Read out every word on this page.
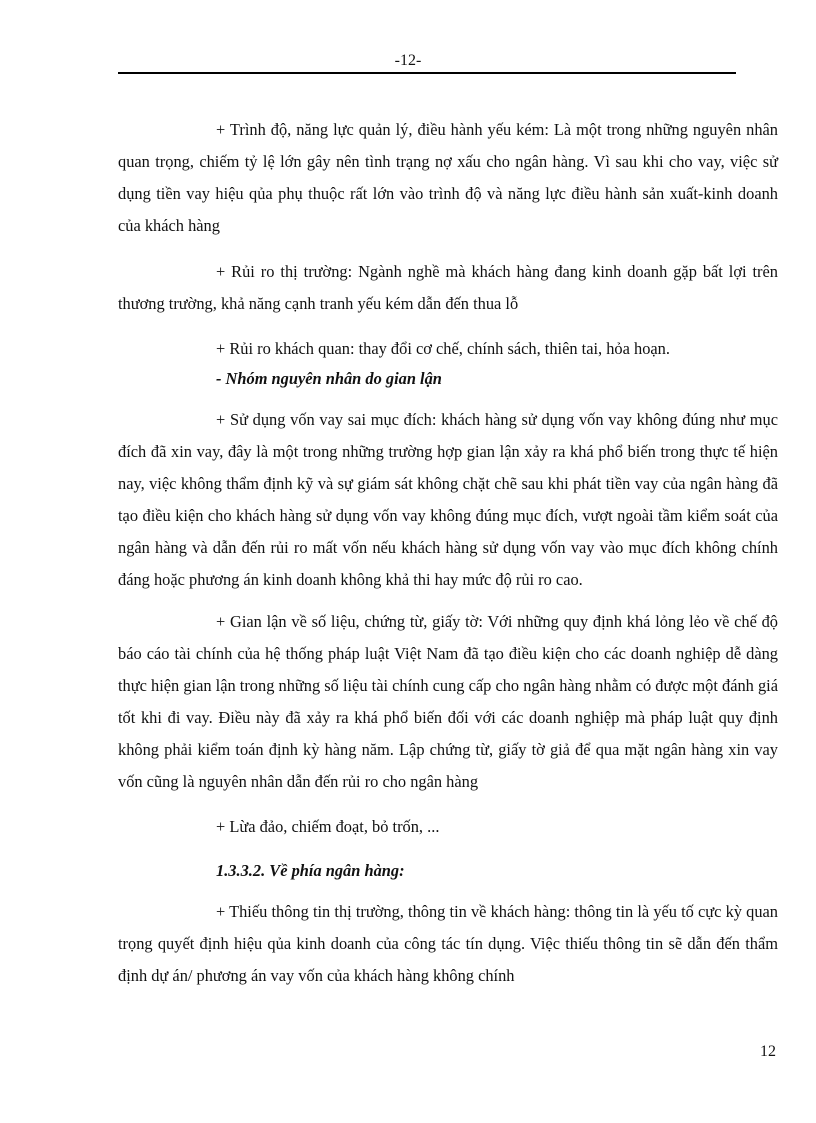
-12-

+ Trình độ, năng lực quản lý, điều hành yếu kém: Là một trong những nguyên nhân quan trọng, chiếm tỷ lệ lớn gây nên tình trạng nợ xấu cho ngân hàng. Vì sau khi cho vay, việc sử dụng tiền vay hiệu qủa phụ thuộc rất lớn vào trình độ và năng lực điều hành sản xuất-kinh doanh của khách hàng

+ Rủi ro thị trường: Ngành nghề mà khách hàng đang kinh doanh gặp bất lợi trên thương trường, khả năng cạnh tranh yếu kém dẫn đến thua lỗ

+ Rủi ro khách quan: thay đổi cơ chế, chính sách, thiên tai, hỏa hoạn.

- Nhóm nguyên nhân do gian lận

+ Sử dụng vốn vay sai mục đích: khách hàng sử dụng vốn vay không đúng như mục đích đã xin vay, đây là một trong những trường hợp gian lận xảy ra khá phổ biến trong thực tế hiện nay, việc không thẩm định kỹ và sự giám sát không chặt chẽ sau khi phát tiền vay của ngân hàng đã tạo điều kiện cho khách hàng sử dụng vốn vay không đúng mục đích, vượt ngoài tầm kiểm soát của ngân hàng và dẫn đến rủi ro mất vốn nếu khách hàng sử dụng vốn vay vào mục đích không chính đáng hoặc phương án kinh doanh không khả thi hay mức độ rủi ro cao.

+ Gian lận về số liệu, chứng từ, giấy tờ: Với những quy định khá lỏng lẻo về chế độ báo cáo tài chính của hệ thống pháp luật Việt Nam đã tạo điều kiện cho các doanh nghiệp dễ dàng thực hiện gian lận trong những số liệu tài chính cung cấp cho ngân hàng nhằm có được một đánh giá tốt khi đi vay. Điều này đã xảy ra khá phổ biến đối với các doanh nghiệp mà pháp luật quy định không phải kiểm toán định kỳ hàng năm. Lập chứng từ, giấy tờ giả để qua mặt ngân hàng xin vay vốn cũng là nguyên nhân dẫn đến rủi ro cho ngân hàng

+ Lừa đảo, chiếm đoạt, bỏ trốn, ...

1.3.3.2. Về phía ngân hàng:

+ Thiếu thông tin thị trường, thông tin về khách hàng: thông tin là yếu tố cực kỳ quan trọng quyết định hiệu qủa kinh doanh của công tác tín dụng. Việc thiếu thông tin sẽ dẫn đến thẩm định dự án/ phương án vay vốn của khách hàng không chính

12
